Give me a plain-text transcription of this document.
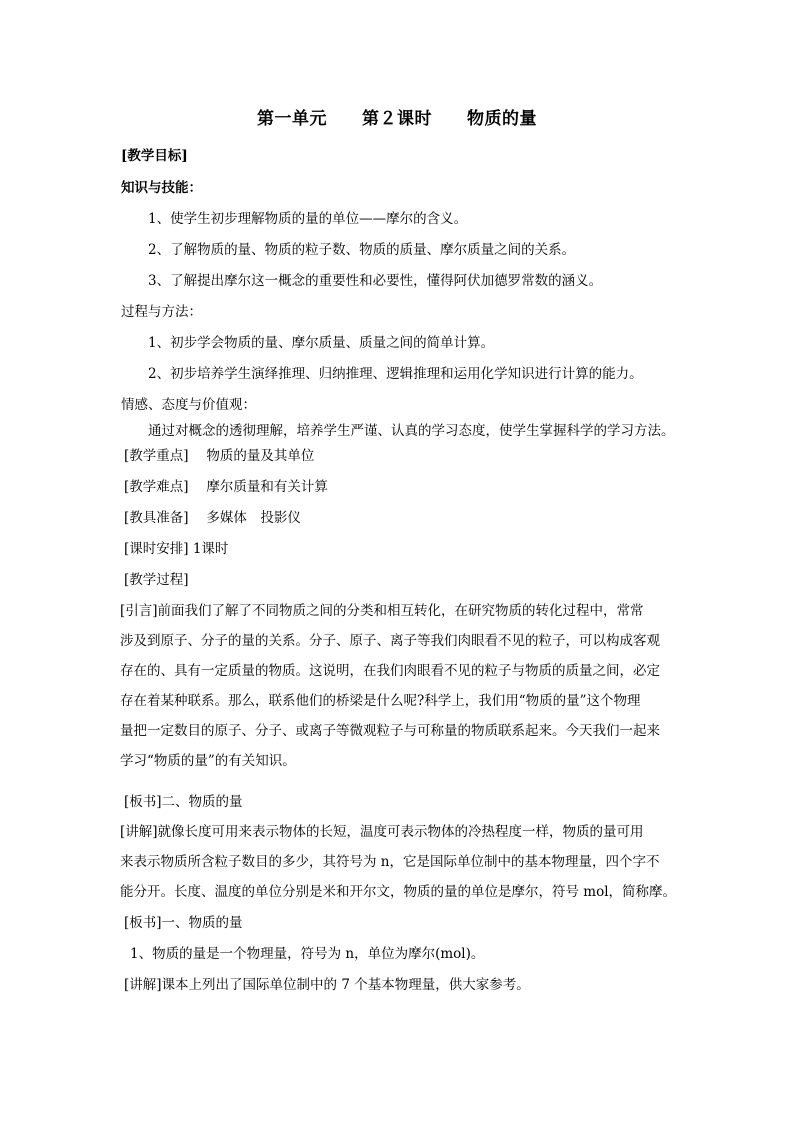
第一单元　　第２课时　　物质的量
[教学目标]
知识与技能：
1、使学生初步理解物质的量的单位——摩尔的含义。
2、了解物质的量、物质的粒子数、物质的质量、摩尔质量之间的关系。
3、了解提出摩尔这一概念的重要性和必要性，懂得阿伏加德罗常数的涵义。
过程与方法：
1、初步学会物质的量、摩尔质量、质量之间的简单计算。
2、初步培养学生演绎推理、归纳推理、逻辑推理和运用化学知识进行计算的能力。
情感、态度与价值观：
通过对概念的透彻理解，培养学生严谨、认真的学习态度，使学生掌握科学的学习方法。
[教学重点]　 物质的量及其单位
[教学难点]　 摩尔质量和有关计算
[教具准备]　 多媒体　投影仪
[课时安排] 1课时
[教学过程]
[引言]前面我们了解了不同物质之间的分类和相互转化，在研究物质的转化过程中，常常
涉及到原子、分子的量的关系。分子、原子、离子等我们肉眼看不见的粒子，可以构成客观
存在的、具有一定质量的物质。这说明，在我们肉眼看不见的粒子与物质的质量之间，必定
存在着某种联系。那么，联系他们的桥梁是什么呢?科学上，我们用“物质的量”这个物理
量把一定数目的原子、分子、或离子等微观粒子与可称量的物质联系起来。今天我们一起来
学习“物质的量”的有关知识。
[板书]二、物质的量
[讲解]就像长度可用来表示物体的长短，温度可表示物体的冷热程度一样，物质的量可用
来表示物质所含粒子数目的多少，其符号为 n，它是国际单位制中的基本物理量，四个字不
能分开。长度、温度的单位分别是米和开尔文，物质的量的单位是摩尔，符号 mol，简称摩。
[板书]一、物质的量
1、物质的量是一个物理量，符号为 n，单位为摩尔(mol)。
[讲解]课本上列出了国际单位制中的 7 个基本物理量，供大家参考。
